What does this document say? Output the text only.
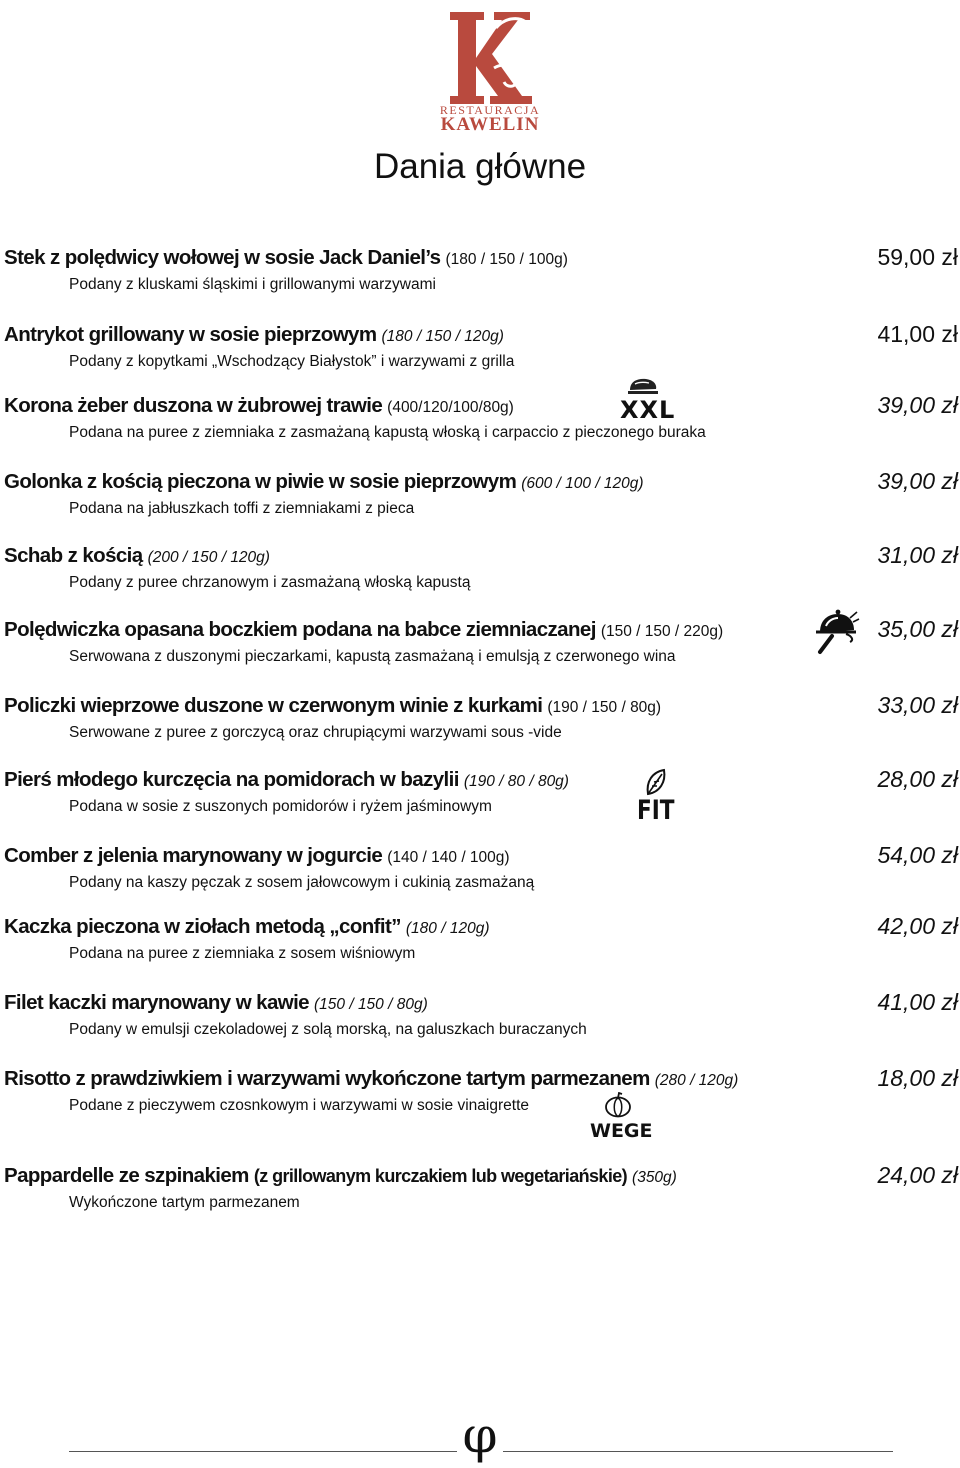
RESTAURACJA
KAWELIN
Dania główne
Stek z polędwicy wołowej w sosie Jack Daniel’s (180 / 150 / 100g)
Podany z kluskami śląskimi i grillowanymi warzywami
59,00 zł
Antrykot grillowany w sosie pieprzowym (180 / 150 / 120g)
Podany z kopytkami „Wschodzący Białystok” i warzywami z grilla
41,00 zł
Korona żeber duszona w żubrowej trawie (400/120/100/80g)
Podana na puree z ziemniaka z zasmażaną kapustą włoską i carpaccio z pieczonego buraka
39,00 zł
Golonka z kością pieczona w piwie w sosie pieprzowym (600 / 100 / 120g)
Podana na jabłuszkach toffi z ziemniakami z pieca
39,00 zł
Schab z kością (200 / 150 / 120g)
Podany z puree chrzanowym i zasmażaną włoską kapustą
31,00 zł
Polędwiczka opasana boczkiem podana na babce ziemniaczanej (150 / 150 / 220g)
Serwowana z duszonymi pieczarkami, kapustą zasmażaną i emulsją z czerwonego wina
35,00 zł
Policzki wieprzowe duszone w czerwonym winie z kurkami (190 / 150 / 80g)
Serwowane z puree z gorczycą oraz chrupiącymi warzywami sous -vide
33,00 zł
Pierś młodego kurczęcia na pomidorach w bazylii (190 / 80 / 80g)
Podana w sosie z suszonych pomidorów i ryżem jaśminowym
28,00 zł
Comber z jelenia marynowany w jogurcie (140 / 140 / 100g)
Podany na kaszy pęczak z sosem jałowcowym i cukinią zasmażaną
54,00 zł
Kaczka pieczona w ziołach metodą „confit” (180 / 120g)
Podana na puree z ziemniaka z sosem wiśniowym
42,00 zł
Filet kaczki marynowany w kawie (150 / 150 / 80g)
Podany w emulsji czekoladowej z solą morską, na galuszkach buraczanych
41,00 zł
Risotto z prawdziwkiem i warzywami wykończone tartym parmezanem (280 / 120g)
Podane z pieczywem czosnkowym i warzywami w sosie vinaigrette
18,00 zł
Pappardelle ze szpinakiem (z grillowanym kurczakiem lub wegetariańskie) (350g)
Wykończone tartym parmezanem
24,00 zł
XXL
FIT
WEGE
φ
